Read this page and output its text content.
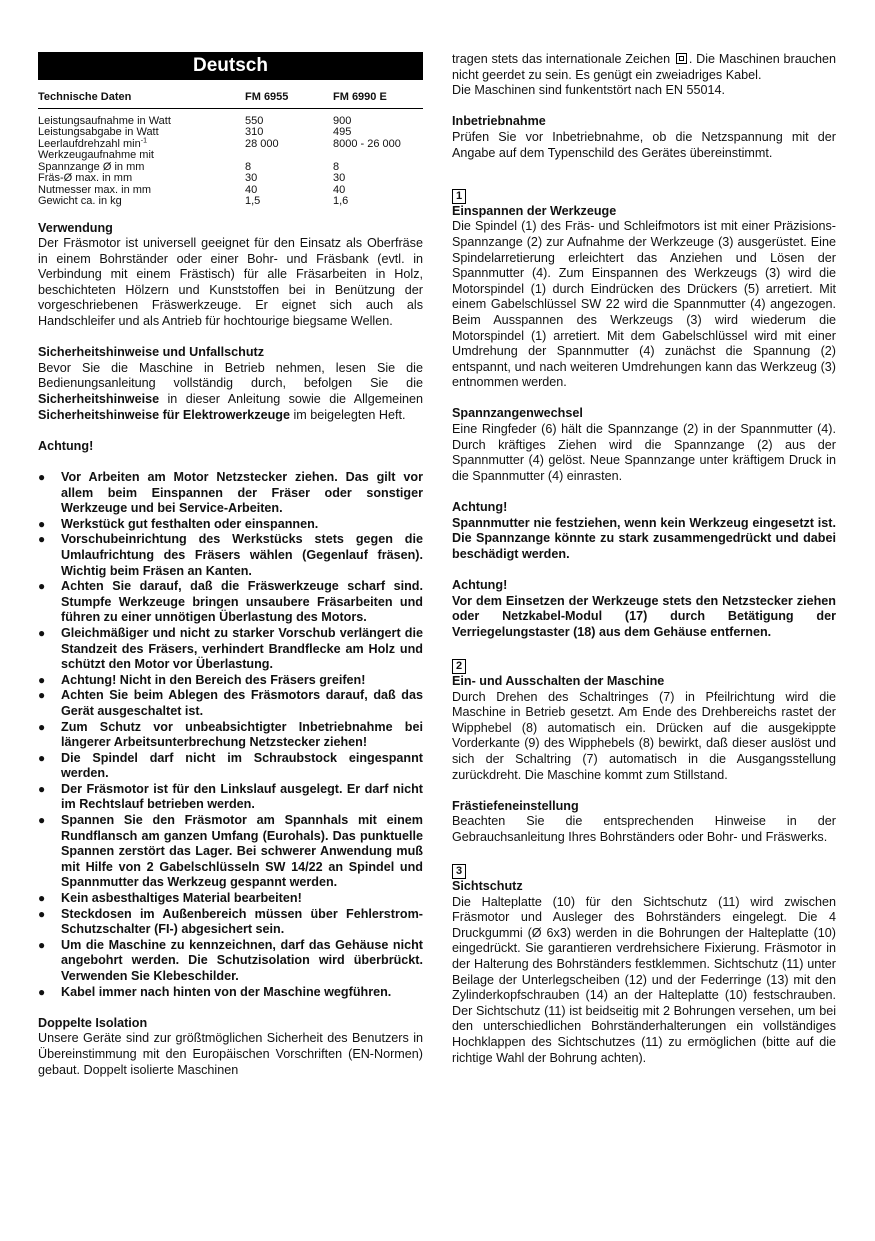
Deutsch
Technische Daten	FM 6955	FM 6990 E
Leistungsaufnahme in Watt	550	900
Leistungsabgabe in Watt	310	495
Leerlaufdrehzahl $\min^{-1}$	28 000	8000 - 26 000
Werkzeugaufnahme mit		
Spannzange Ø in mm	8	8
Fräs-Ø max. in mm	30	30
Nutmesser max. in mm	40	40
Gewicht ca. in kg	1,5	1,6

Verwendung

Der Fräsmotor ist universell geeignet für den Einsatz als Oberfräse in einem Bohrständer oder einer Bohr- und Fräsbank (evtl. in Verbindung mit einem Frästisch) für alle Fräsarbeiten in Holz, beschichteten Hölzern und Kunststoffen bei in Benützung der vorgeschriebenen Fräswerkzeuge. Er eignet sich auch als Handschleifer und als Antrieb für hochtourige biegsame Wellen.

Sicherheitshinweise und Unfallschutz

Bevor Sie die Maschine in Betrieb nehmen, lesen Sie die Bedienungsanleitung vollständig durch, befolgen Sie die Sicherheitshinweise in dieser Anleitung sowie die Allgemeinen Sicherheitshinweise für Elektrowerkzeuge im beigelegten Heft.

Achtung!

● Vor Arbeiten am Motor Netzstecker ziehen. Das gilt vor allem beim Einspannen der Fräser oder sonstiger Werkzeuge und bei Service-Arbeiten.
● Werkstück gut festhalten oder einspannen.
● Vorschubeinrichtung des Werkstücks stets gegen die Umlaufrichtung des Fräsers wählen (Gegenlauf fräsen). Wichtig beim Fräsen an Kanten.
● Achten Sie darauf, daß die Fräswerkzeuge scharf sind. Stumpfe Werkzeuge bringen unsaubere Fräsarbeiten und führen zu einer unnötigen Überlastung des Motors.
● Gleichmäßiger und nicht zu starker Vorschub verlängert die Standzeit des Fräsers, verhindert Brandflecke am Holz und schützt den Motor vor Überlastung.
● Achtung! Nicht in den Bereich des Fräsers greifen!
● Achten Sie beim Ablegen des Fräsmotors darauf, daß das Gerät ausgeschaltet ist.
● Zum Schutz vor unbeabsichtigter Inbetriebnahme bei längerer Arbeitsunterbrechung Netzstecker ziehen!
● Die Spindel darf nicht im Schraubstock eingespannt werden.
● Der Fräsmotor ist für den Linkslauf ausgelegt. Er darf nicht im Rechtslauf betrieben werden.
● Spannen Sie den Fräsmotor am Spannhals mit einem Rundflansch am ganzen Umfang (Eurohals). Das punktuelle Spannen zerstört das Lager. Bei schwerer Anwendung muß mit Hilfe von 2 Gabelschlüsseln SW 14/22 an Spindel und Spannmutter das Werkzeug gespannt werden.
● Kein asbesthaltiges Material bearbeiten!
● Steckdosen im Außenbereich müssen über Fehlerstrom-Schutzschalter (FI-) abgesichert sein.
● Um die Maschine zu kennzeichnen, darf das Gehäuse nicht angebohrt werden. Die Schutzisolation wird überbrückt. Verwenden Sie Klebeschilder.
● Kabel immer nach hinten von der Maschine wegführen.

Doppelte Isolation

Unsere Geräte sind zur größtmöglichen Sicherheit des Benutzers in Übereinstimmung mit den Europäischen Vorschriften (EN-Normen) gebaut. Doppelt isolierte Maschinen

tragen stets das internationale Zeichen . Die Maschinen brauchen nicht geerdet zu sein. Es genügt ein zweiadriges Kabel.

Die Maschinen sind funkentstört nach EN 55014.

Inbetriebnahme

Prüfen Sie vor Inbetriebnahme, ob die Netzspannung mit der Angabe auf dem Typenschild des Gerätes übereinstimmt.

1

Einspannen der Werkzeuge

Die Spindel (1) des Fräs- und Schleifmotors ist mit einer Präzisions-Spannzange (2) zur Aufnahme der Werkzeuge (3) ausgerüstet. Eine Spindelarretierung erleichtert das Anziehen und Lösen der Spannmutter (4). Zum Einspannen des Werkzeugs (3) wird die Motorspindel (1) durch Eindrücken des Drückers (5) arretiert. Mit einem Gabelschlüssel SW 22 wird die Spannmutter (4) angezogen. Beim Ausspannen des Werkzeugs (3) wird wiederum die Motorspindel (1) arretiert. Mit dem Gabelschlüssel wird mit einer Umdrehung der Spannmutter (4) zunächst die Spannung (2) entspannt, und nach weiteren Umdrehungen kann das Werkzeug (3) entnommen werden.

Spannzangenwechsel

Eine Ringfeder (6) hält die Spannzange (2) in der Spannmutter (4). Durch kräftiges Ziehen wird die Spannzange (2) aus der Spannmutter (4) gelöst. Neue Spannzange unter kräftigem Druck in die Spannmutter (4) einrasten.

Achtung!

Spannmutter nie festziehen, wenn kein Werkzeug eingesetzt ist. Die Spannzange könnte zu stark zusammengedrückt und dabei beschädigt werden.

Achtung!

Vor dem Einsetzen der Werkzeuge stets den Netzstecker ziehen oder Netzkabel-Modul (17) durch Betätigung der Verriegelungstaster (18) aus dem Gehäuse entfernen.

2

Ein- und Ausschalten der Maschine

Durch Drehen des Schaltringes (7) in Pfeilrichtung wird die Maschine in Betrieb gesetzt. Am Ende des Drehbereichs rastet der Wipphebel (8) automatisch ein. Drücken auf die ausgekippte Vorderkante (9) des Wipphebels (8) bewirkt, daß dieser auslöst und sich der Schaltring (7) automatisch in die Ausgangsstellung zurückdreht. Die Maschine kommt zum Stillstand.

Frästiefeneinstellung

Beachten Sie die entsprechenden Hinweise in der Gebrauchsanleitung Ihres Bohrständers oder Bohr- und Fräswerks.

3

Sichtschutz

Die Halteplatte (10) für den Sichtschutz (11) wird zwischen Fräsmotor und Ausleger des Bohrständers eingelegt. Die 4 Druckgummi (Ø 6x3) werden in die Bohrungen der Halteplatte (10) eingedrückt. Sie garantieren verdrehsichere Fixierung. Fräsmotor in der Halterung des Bohrständers festklemmen. Sichtschutz (11) unter Beilage der Unterlegscheiben (12) und der Federringe (13) mit den Zylinderkopfschrauben (14) an der Halteplatte (10) festschrauben. Der Sichtschutz (11) ist beidseitig mit 2 Bohrungen versehen, um bei den unterschiedlichen Bohrständerhalterungen ein vollständiges Hochklappen des Sichtschutzes (11) zu ermöglichen (bitte auf die richtige Wahl der Bohrung achten).
